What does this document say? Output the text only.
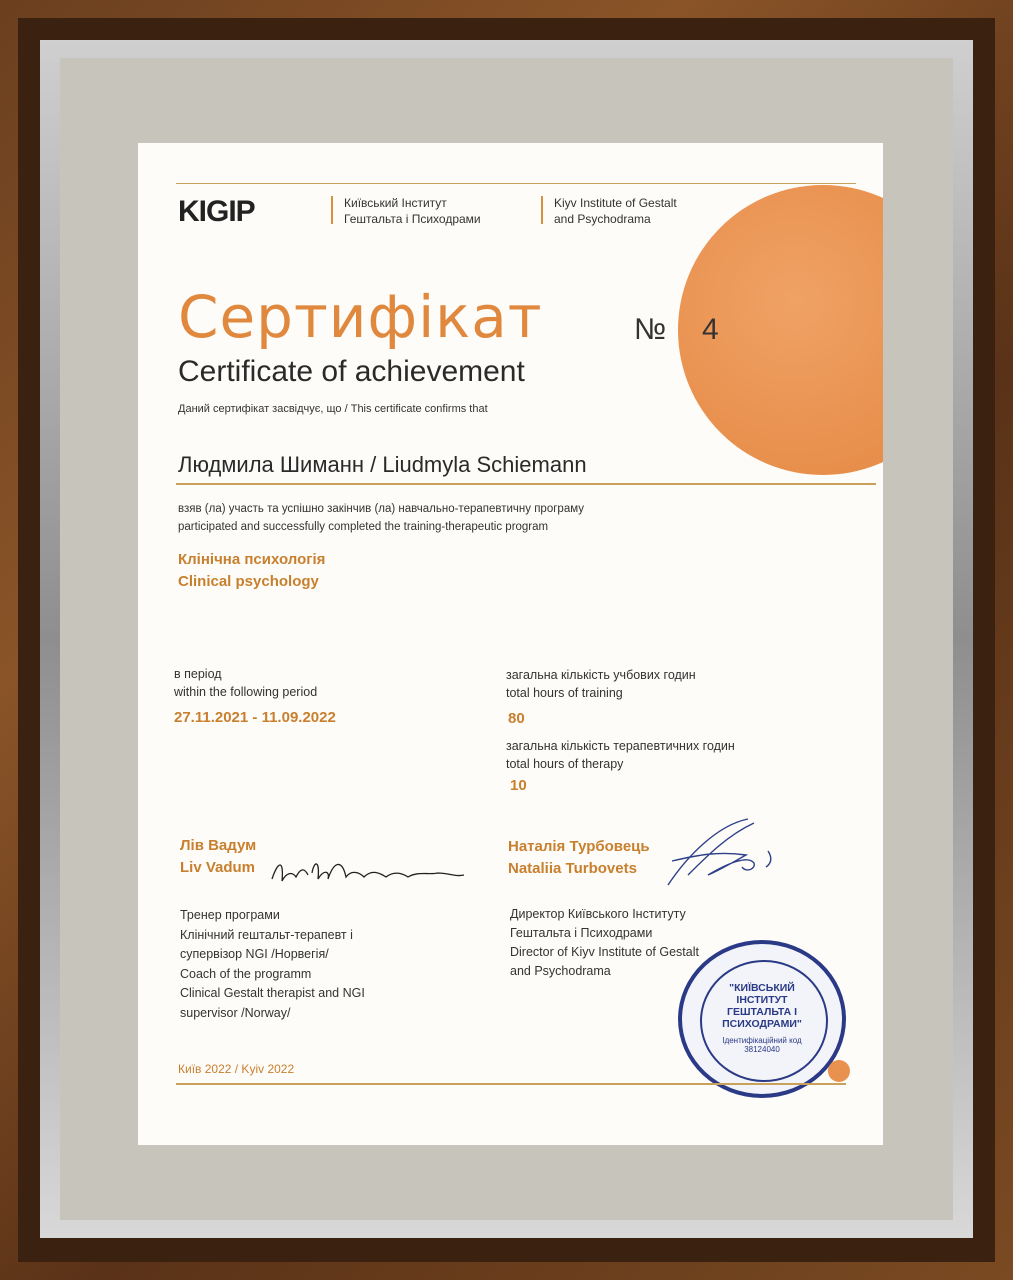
KIGIP	Київський Інститут
Гештальта і Психодрами
Kiyv Institute of Gestalt
and Psychodrama
Сертифікат	№ 4
Certificate of achievement
Даний сертифікат засвідчує, що / This certificate confirms that
Людмила Шиманн / Liudmyla Schiemann
взяв (ла) участь та успішно закінчив (ла) навчально-терапевтичну програму
participated and successfully completed the training-therapeutic program
Клінічна психологія
Clinical psychology
в період
within the following period
27.11.2021 - 11.09.2022
загальна кількість учбових годин
total hours of training
80
загальна кількість терапевтичних годин
total hours of therapy
10
Лів Вадум
Liv Vadum
Тренер програми
Клінічний гештальт-терапевт і
супервізор NGI /Норвегія/
Coach of the programm
Clinical Gestalt therapist and NGI
supervisor /Norway/
Наталія Турбовець
Nataliia Turbovets
Директор Київського Інституту
Гештальта і Психодрами
Director of Kiyv Institute of Gestalt
and Psychodrama
"КИЇВСЬКИЙ
ІНСТИТУТ
ГЕШТАЛЬТА І
ПСИХОДРАМИ"
Ідентифікаційний код 38124040
Київ 2022 / Kyiv 2022
